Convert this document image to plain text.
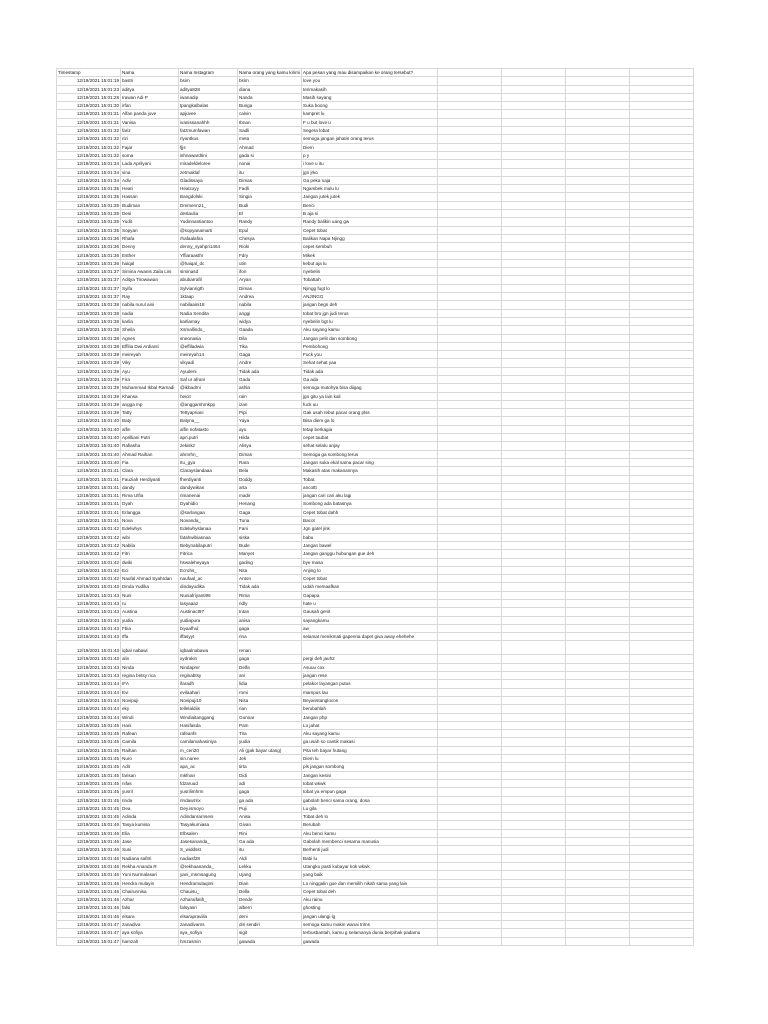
Timestamp	Nama	Nama Instagram	Nama orang yang kamu kirimi	Apa pesan yang mau disampaikan ke orang tersebut?				
12/19/2021 15:01:19	bastri	bsim	bsim	love you				
12/19/2021 15:01:23	aditya	aditya828	diana	terimakasih				
12/19/2021 15:01:28	Irawan Adi P	iwanadip	Nanda	Masih sayang				
12/19/2021 15:01:30	irfan	tpangkalbalas	Bunga	Suka boong				
12/19/2021 15:01:31	Alfan panda juve	apjuvee	calvin	kampret lu				
12/19/2021 15:01:31	Vanisa	ivanissanahhh	Ibnan	F u but love u				
12/19/2021 15:01:32	fariz	fatzmumfawan	Sadli	Segera lobat				
12/19/2021 15:01:32	rizi	riyantkus	meta	semoga jangan jahatin orang terus				
12/19/2021 15:01:32	Fajar	fjjs	Ahmad	Diem				
12/19/2021 15:01:32	soma	ishnawardtini	gada si	p y				
12/19/2021 15:01:34	Lada Aprilyani	miradeldeloree	nonai	i love u itu				
12/19/2021 15:01:34	vina	zetmaklaf	itu	jgn jrko				
12/19/2021 15:01:34	Adiv	Gladissaya	Dimas	Ga peka naja				
12/19/2021 15:01:35	Heati	Heatcxyy	Fadli	Ngambek mulu lu				
12/19/2021 15:01:35	Hassan	Bangdolski	Singia	Jangan jutek jutek				
12/19/2021 15:01:35	Budiman	Dmmenn21_	Budi	Benci				
12/19/2021 15:01:35	Desi	deslaulia	El	B aja si				
12/19/2021 15:01:35	Yudit	Yudinnantiantoo	Randy	Randy balikin uang gw				
12/19/2021 15:01:35	Sopyan	@sopyanamarti	Epul	Cepet tobat				
12/19/2021 15:01:36	Rhafa	rhafaalafira	Chesya	Balikan Napa Njingg				
12/19/2021 15:01:36	Denny	denny_syahpri1464	Rioki	cepet sembuh				
12/19/2021 15:01:36	Esther	Yffiaraasthr	Fdry	Mikek				
12/19/2021 15:01:36	haiqal	@haiqal_dc	utin	kebut aja lu				
12/19/2021 15:01:37	Simina Awanis Zaila Lini	siminasd	ifon	nyebelin				
12/19/2021 15:01:37	Aditya Triowawan	abubarrafil	Aryan	Tobattah				
12/19/2021 15:01:37	Syifa	Sylvianrigth	Dimas	Njingg fugt lo				
12/19/2021 15:01:37	Ray	1ktaap	Andrea	ANJINGG				
12/19/2021 15:01:38	nabila nurul aini	nabilaaini18	nabila	jangan begn deh				
12/19/2021 15:01:38	nadia	Nadia Sendita	anggi	tobat bro jgn judi terus				
12/19/2021 15:01:38	karlia	karliamay	widya	nyebelin bgt lu				
12/19/2021 15:01:38	Sheila	Xsmallindo_	Gaada	Aku sayang kamu				
12/19/2021 15:01:38	Agnes	sneonasia	Dila	Jangan pelit dan sombong				
12/19/2021 15:01:38	Effilia Dwi Ardianti	@effiladwia	Tika	Pembohong				
12/19/2021 15:01:39	meireyah	meireyah14	Gaga	Fuck you				
12/19/2021 15:01:39	Viky	vikyadi	Andre	Sehat sehat yaa				
12/19/2021 15:01:39	Ayu	Ayudeni	Tidak ada	Tidak ada				
12/19/2021 15:01:39	Fira	Saf ur afrani	Gada	Ga ada				
12/19/2021 15:01:39	Muhammad Ikbal Ramadi	@ikbadrni	ashla	semoga mutohya bisa diigag				
12/19/2021 15:01:39	Khansa	heicit	rain	jgn gitu ya lain kali				
12/19/2021 15:01:39	angga mp	@anggamhmkpp	izan	fuck uu				
12/19/2021 15:01:39	Tatty	Tettyapriani	Pipi	Gak usah rebut pacar orang plss				
12/19/2021 15:01:40	Baty	Batyna__	Yaya	Bisa diem ga lo				
12/19/2021 15:01:40	alfin	alfin nofatasto	ayu	tetap berkagia				
12/19/2021 15:01:40	Aprilliani Putri	apri.putri	Hilda	cepet taubat				
12/19/2021 15:01:40	Rafiasha	zekiskz	Alisya	sehat selalu anjay				
12/19/2021 15:01:40	Ahmad Raihan	ahmrhn_	Dimas	Semoga ga sombong terus				
12/19/2021 15:01:40	Fia	Itu_gya	Rara	Jangan suka ekal sama pacar sing				
12/19/2021 15:01:41	Clara	Clarayslandaaa	Bela	Makasih atas makanannya				
12/19/2021 15:01:41	Fauziah Herdiyanti	fherdiyanti	Doddy	Tobat.				
12/19/2021 15:01:41	dandy	dandywikan	arta	ancottt				
12/19/2021 15:01:41	Rima Ulfia	rimanenai	madir	jangan cari cari aku lagi				
12/19/2021 15:01:41	Dyah	Dyahidio	Henang	Sombong ada batasnya				
12/19/2021 15:01:41	Erlangga	@sarlangaa	Gaga	Cepet tobat dahh				
12/19/2021 15:01:41	Nova	Novanda_	Tuna	Bacot				
12/19/2021 15:01:42	Edelwhys	Edelwhyslanaa	Fani	Jgn gatel jink				
12/19/2021 15:01:42	wibi	fatahwibiasnaa	siska	babu				
12/19/2021 15:01:42	Nabila	Bebynabilaputri	Bude	Jangan bawel				
12/19/2021 15:01:42	Fitri	Fitrica	Manyet	Jangan ganggu hubungan gue deh				
12/19/2021 15:01:42	dwiki	hswaleheyaya	gading	bye masa				
12/19/2021 15:01:42	Eci	Ecrohs_	Nita	Anjing lo				
12/19/2021 15:01:42	Naufal Ahmad Syahrdan	naufaal_ac	Anton	Cepet tobat				
12/19/2021 15:01:43	Dinda Yudika	dindayudika	Tidak ada	Udah memaafkan				
12/19/2021 15:01:43	Nuni	Nuniafriyanti96	Rima	Gapapa				
12/19/2021 15:01:43	ru	lasyaaaz	ridly	hate u				
12/19/2021 15:01:43	Austina	Austinact97	Intan	Gausah genit				
12/19/2021 15:01:43	yudia	yudiapura	anisa	sayangkamu				
12/19/2021 15:01:43	Fbia	biyaafhul	gaga	aw				
12/19/2021 15:01:43	Iffa	iffasyyt	rina	selamat menikmati gapenna dapet giva away ehehehe				
12/19/2021 15:01:43	iqbal nabawi	iqbaalnabawu	renan					
12/19/2021 15:01:43	alin	xydrakin	gaga	pergi deh jauh2				
12/19/2021 15:01:43	Ninda	Nindapmr	Delfa	Asuuu cox				
12/19/2021 15:01:43	regina betsy rica	reginabtsy	ani	jangan rese				
12/19/2021 15:01:44	IFA	ifaradh	lidia	pelakor layangan putus				
12/19/2021 15:01:44	Evi	evilaahari	romi	mampus lau				
12/19/2021 15:01:44	Novipuji	Novipuji10	Nisa	Beyanstanglocos				
12/19/2021 15:01:44	eky	tellelaldiis	rian	berubahlah				
12/19/2021 15:01:44	Windi	Windiaitanggang	Gunnar	Jangan php				
12/19/2021 15:01:45	Hani	Hanifasda	Pam	Lo jahat				
12/19/2021 15:01:45	Rafean	rafeanfs	Tira	Aku sayang kamu				
12/19/2021 15:01:45	Camila	camilamahasiniya	yudia	ga usah so cantik makasi				
12/19/2021 15:01:45	Raihan	m_ceri20	Ali (gak bayar utang)	Pita teh bayar hutang				
12/19/2021 15:01:45	Nuro	sin.nuree	Jek	Diem lu				
12/19/2021 15:01:45	Adit	apa_ac	tirta	pls jangan sombong				
12/19/2021 15:01:45	farisan	mkfnan	Didi	Jangan kesini				
12/19/2021 15:01:45	nifas	fdzaruud	adi	tobat wkwk				
12/19/2021 15:01:45	yusril	yusrilimhrm	gaga	tobat ya empun gaga				
12/19/2021 15:01:45	rinda	rindawzrix	ga ada	gabolah benci sama orang, dosa				
12/19/2021 15:01:45	Dea	Dey.ismoyo	Puji	Lu gila				
12/19/2021 15:01:45	Adinda	Adindanrarnseni	Anisa	Tobat deh lo				
12/19/2021 15:01:46	Tasya kumisa	Tasyakumiasa	Givan	Berubah				
12/19/2021 15:01:46	Elia	Elbsalen	Rini	Aku benci kamu				
12/19/2021 15:01:46	Jase	Jasesananda_	Ga ada	Gabolah membenci sesama manusia				
12/19/2021 15:01:46	Susi	S_widdsst	itu	Berhenti judi				
12/19/2021 15:01:46	Nadiana safitri	nadiasf28	Aldi	Babi lu				
12/19/2021 15:01:46	Rekha Ananda R	@rekhaananda_	Lekku	Utangku pasti kubayar kok wkwk				
12/19/2021 15:01:46	Yuni Nurmalasari	yani_msmsagung	Ujang	yang baik				
12/19/2021 15:01:46	Hendra mulayin	Hendramulaqimi	Dian	Lo ninggalin gue dan memilih nikah sama yang lain				
12/19/2021 15:01:46	Chairunnisa	Chauisu_	Della	Cepet tobat deh				
12/19/2021 15:01:46	Azhar	Azharaifatih_	Dende	Aku rainu				
12/19/2021 15:01:46	falsi	falsyasri	alberri	ghosting				
12/19/2021 15:01:46	elsara	elsarapraviila	deni	jangan ulangi lg				
12/19/2021 15:01:47	zanadiva	zanadivams	diri sendiri	semoga kamu makin wanai trims				
12/19/2021 15:01:47	aya sofiya	aya_sofiya	sigit	terbusbantah, kamu g selamanya dunia berpihak padamu				
12/19/2021 15:01:47	hamzah	hmzasmin	gawada	gawada				
